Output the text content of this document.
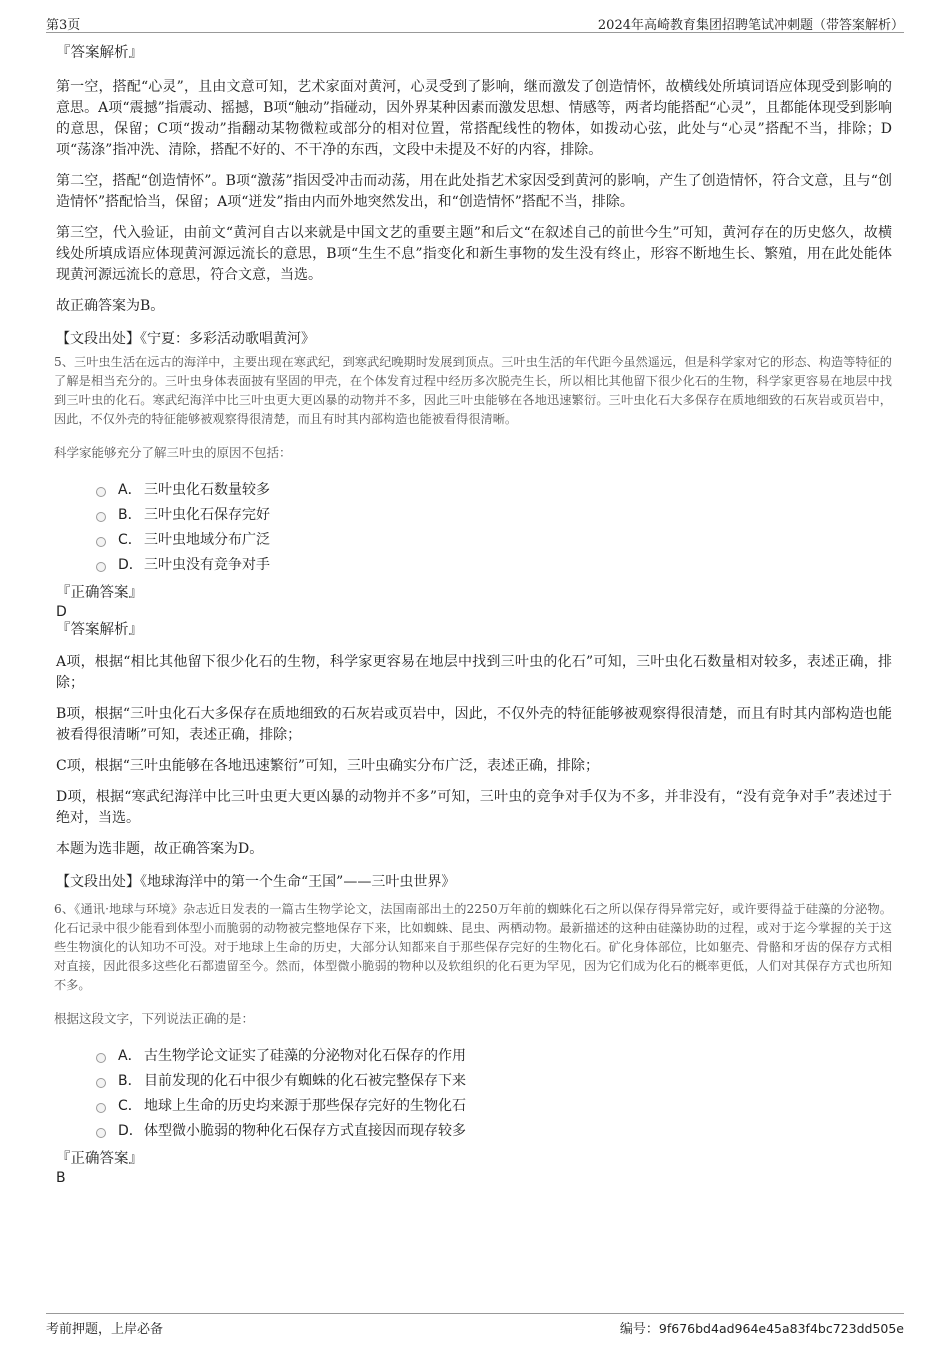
第3页	2024年高崎教育集团招聘笔试冲刺题（带答案解析）

『答案解析』

第一空，搭配“心灵”，且由文意可知，艺术家面对黄河，心灵受到了影响，继而激发了创造情怀，故横线处所填词语应体现受到影响的意思。A项“震撼”指震动、摇撼，B项“触动”指碰动，因外界某种因素而激发思想、情感等，两者均能搭配“心灵”，且都能体现受到影响的意思，保留；C项“拨动”指翻动某物微粒或部分的相对位置，常搭配线性的物体，如拨动心弦，此处与“心灵”搭配不当，排除；D项“荡涤”指冲洗、清除，搭配不好的、不干净的东西，文段中未提及不好的内容，排除。

第二空，搭配“创造情怀”。B项“激荡”指因受冲击而动荡，用在此处指艺术家因受到黄河的影响，产生了创造情怀，符合文意，且与“创造情怀”搭配恰当，保留；A项“迸发”指由内而外地突然发出，和“创造情怀”搭配不当，排除。

第三空，代入验证，由前文“黄河自古以来就是中国文艺的重要主题”和后文“在叙述自己的前世今生”可知，黄河存在的历史悠久，故横线处所填成语应体现黄河源远流长的意思，B项“生生不息”指变化和新生事物的发生没有终止，形容不断地生长、繁殖，用在此处能体现黄河源远流长的意思，符合文意，当选。

故正确答案为B。

【文段出处】《宁夏：多彩活动歌唱黄河》

5、三叶虫生活在远古的海洋中，主要出现在寒武纪，到寒武纪晚期时发展到顶点。三叶虫生活的年代距今虽然遥远，但是科学家对它的形态、构造等特征的了解是相当充分的。三叶虫身体表面披有坚固的甲壳，在个体发育过程中经历多次脱壳生长，所以相比其他留下很少化石的生物，科学家更容易在地层中找到三叶虫的化石。寒武纪海洋中比三叶虫更大更凶暴的动物并不多，因此三叶虫能够在各地迅速繁衍。三叶虫化石大多保存在质地细致的石灰岩或页岩中，因此，不仅外壳的特征能够被观察得很清楚，而且有时其内部构造也能被看得很清晰。

科学家能够充分了解三叶虫的原因不包括：

A． 三叶虫化石数量较多
B． 三叶虫化石保存完好
C． 三叶虫地域分布广泛
D．三叶虫没有竞争对手

『正确答案』

D

『答案解析』

A项，根据“相比其他留下很少化石的生物，科学家更容易在地层中找到三叶虫的化石”可知，三叶虫化石数量相对较多，表述正确，排除；

B项，根据“三叶虫化石大多保存在质地细致的石灰岩或页岩中，因此，不仅外壳的特征能够被观察得很清楚，而且有时其内部构造也能被看得很清晰”可知，表述正确，排除；

C项，根据“三叶虫能够在各地迅速繁衍”可知，三叶虫确实分布广泛，表述正确，排除；

D项，根据“寒武纪海洋中比三叶虫更大更凶暴的动物并不多”可知，三叶虫的竞争对手仅为不多，并非没有，“没有竞争对手”表述过于绝对，当选。

本题为选非题，故正确答案为D。

【文段出处】《地球海洋中的第一个生命“王国”——三叶虫世界》

6、《通讯·地球与环境》杂志近日发表的一篇古生物学论文，法国南部出土的2250万年前的蜘蛛化石之所以保存得异常完好，或许要得益于硅藻的分泌物。化石记录中很少能看到体型小而脆弱的动物被完整地保存下来，比如蜘蛛、昆虫、两栖动物。最新描述的这种由硅藻协助的过程，或对于迄今掌握的关于这些生物演化的认知功不可没。对于地球上生命的历史，大部分认知都来自于那些保存完好的生物化石。矿化身体部位，比如躯壳、骨骼和牙齿的保存方式相对直接，因此很多这些化石都遗留至今。然而，体型微小脆弱的物种以及软组织的化石更为罕见，因为它们成为化石的概率更低，人们对其保存方式也所知不多。

根据这段文字，下列说法正确的是：

A． 古生物学论文证实了硅藻的分泌物对化石保存的作用
B． 目前发现的化石中很少有蜘蛛的化石被完整保存下来
C． 地球上生命的历史均来源于那些保存完好的生物化石
D．体型微小脆弱的物种化石保存方式直接因而现存较多

『正确答案』

B

考前押题，上岸必备	编号：9f676bd4ad964e45a83f4bc723dd505e
